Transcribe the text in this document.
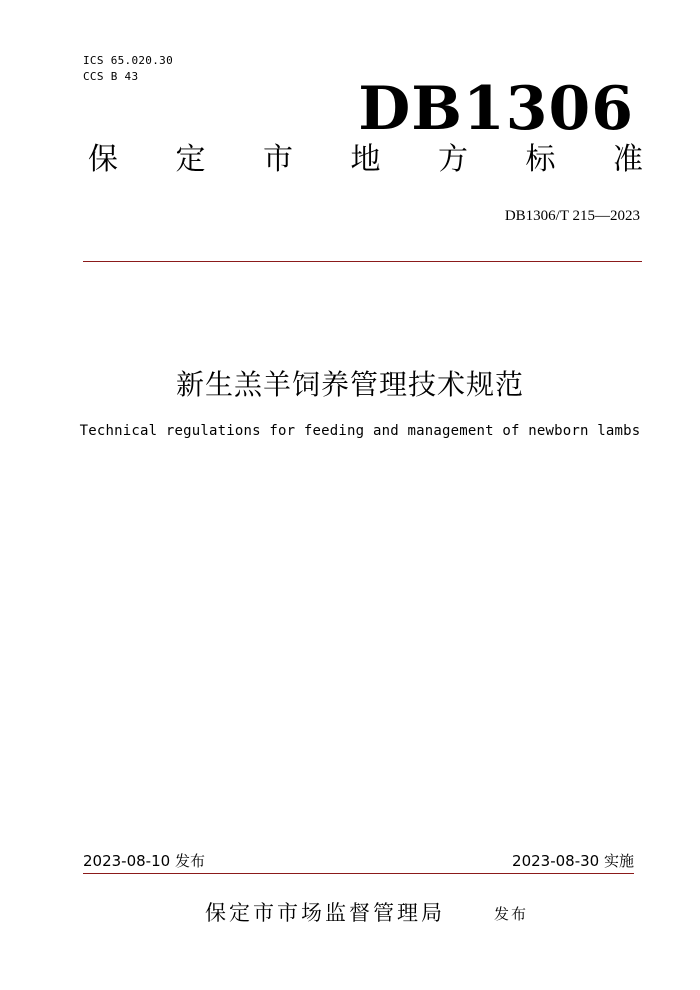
ICS 65.020.30
CCS B 43	DB1306
保 定 市 地 方 标 准
DB1306/T 215—2023
新生羔羊饲养管理技术规范
Technical regulations for feeding and management of newborn lambs
2023-08-10 发布	2023-08-30 实施
保定市市场监督管理局	发布
